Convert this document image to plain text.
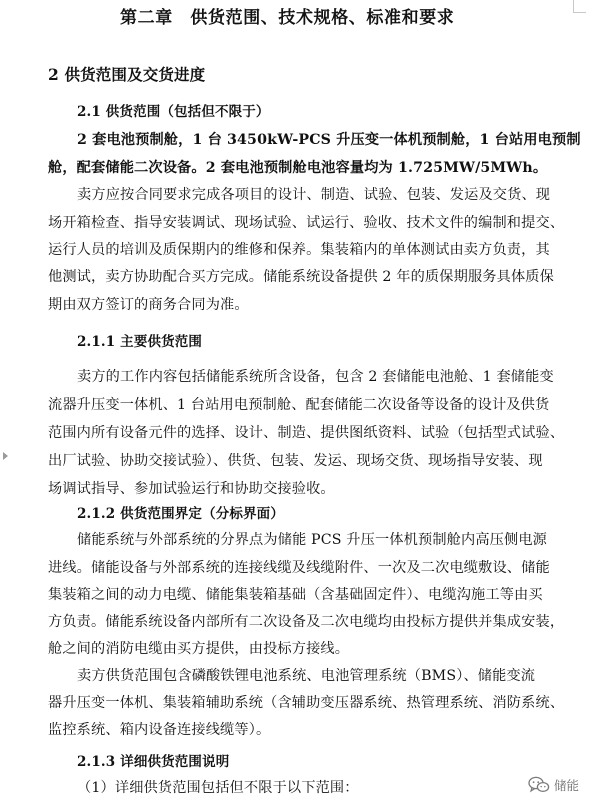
第二章　供货范围、技术规格、标准和要求

2 供货范围及交货进度

2.1 供货范围（包括但不限于）

2 套电池预制舱，1 台 3450kW-PCS 升压变一体机预制舱，1 台站用电预制

舱，配套储能二次设备。2 套电池预制舱电池容量均为 1.725MW/5MWh。

卖方应按合同要求完成各项目的设计、制造、试验、包装、发运及交货、现

场开箱检查、指导安装调试、现场试验、试运行、验收、技术文件的编制和提交、

运行人员的培训及质保期内的维修和保养。集装箱内的单体测试由卖方负责，其

他测试，卖方协助配合买方完成。储能系统设备提供 2 年的质保期服务具体质保

期由双方签订的商务合同为准。

2.1.1 主要供货范围

卖方的工作内容包括储能系统所含设备，包含 2 套储能电池舱、1 套储能变

流器升压变一体机、1 台站用电预制舱、配套储能二次设备等设备的设计及供货

范围内所有设备元件的选择、设计、制造、提供图纸资料、试验（包括型式试验、

出厂试验、协助交接试验）、供货、包装、发运、现场交货、现场指导安装、现

场调试指导、参加试验运行和协助交接验收。

2.1.2 供货范围界定（分标界面）

储能系统与外部系统的分界点为储能 PCS 升压一体机预制舱内高压侧电源

进线。储能设备与外部系统的连接线缆及线缆附件、一次及二次电缆敷设、储能

集装箱之间的动力电缆、储能集装箱基础（含基础固定件）、电缆沟施工等由买

方负责。储能系统设备内部所有二次设备及二次电缆均由投标方提供并集成安装，

舱之间的消防电缆由买方提供，由投标方接线。

卖方供货范围包含磷酸铁锂电池系统、电池管理系统（BMS）、储能变流

器升压变一体机、集装箱辅助系统（含辅助变压器系统、热管理系统、消防系统、

监控系统、箱内设备连接线缆等）。

2.1.3 详细供货范围说明

（1）详细供货范围包括但不限于以下范围：	储能
